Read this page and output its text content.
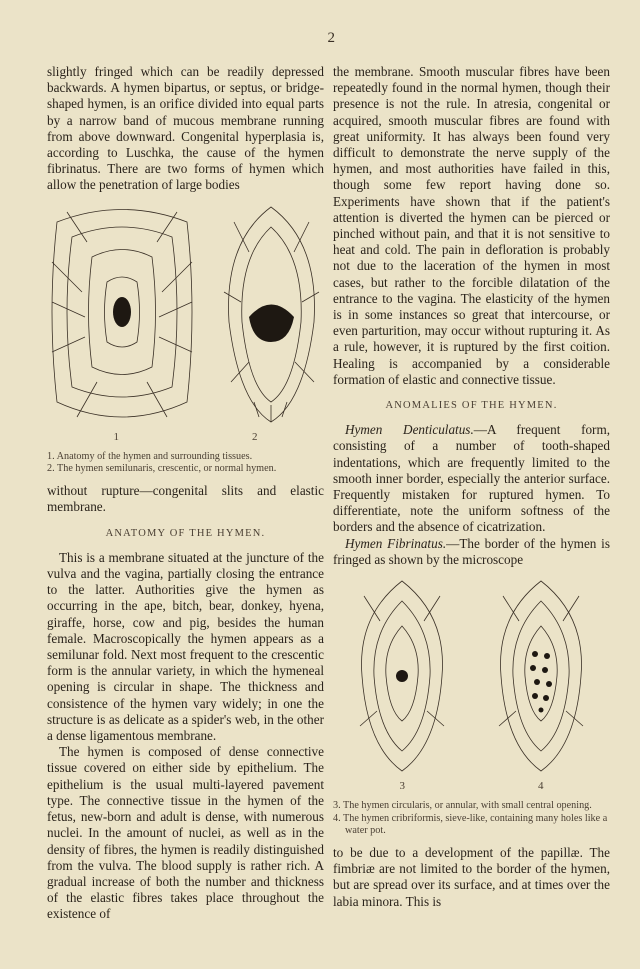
2

slightly fringed which can be readily depressed backwards. A hymen bipartus, or septus, or bridge-shaped hymen, is an orifice divided into equal parts by a narrow band of mucous membrane running from above downward. Congenital hyperplasia is, according to Luschka, the cause of the hymen fibrinatus. There are two forms of hymen which allow the penetration of large bodies

1	2
1. Anatomy of the hymen and surrounding tissues.
2. The hymen semilunaris, crescentic, or normal hymen.

without rupture—congenital slits and elastic membrane.

ANATOMY OF THE HYMEN.

This is a membrane situated at the juncture of the vulva and the vagina, partially closing the entrance to the latter. Authorities give the hymen as occurring in the ape, bitch, bear, donkey, hyena, giraffe, horse, cow and pig, besides the human female. Macroscopically the hymen appears as a semilunar fold. Next most frequent to the crescentic form is the annular variety, in which the hymeneal opening is circular in shape. The thickness and consistence of the hymen vary widely; in one the structure is as delicate as a spider's web, in the other a dense ligamentous membrane.

The hymen is composed of dense connective tissue covered on either side by epithelium. The epithelium is the usual multi-layered pavement type. The connective tissue in the hymen of the fetus, new-born and adult is dense, with numerous nuclei. In the amount of nuclei, as well as in the density of fibres, the hymen is readily distinguished from the vulva. The blood supply is rather rich. A gradual increase of both the number and thickness of the elastic fibres takes place throughout the existence of

the membrane. Smooth muscular fibres have been repeatedly found in the normal hymen, though their presence is not the rule. In atresia, congenital or acquired, smooth muscular fibres are found with great uniformity. It has always been found very difficult to demonstrate the nerve supply of the hymen, and most authorities have failed in this, though some few report having done so. Experiments have shown that if the patient's attention is diverted the hymen can be pierced or pinched without pain, and that it is not sensitive to heat and cold. The pain in defloration is probably not due to the laceration of the hymen in most cases, but rather to the forcible dilatation of the entrance to the vagina. The elasticity of the hymen is in some instances so great that intercourse, or even parturition, may occur without rupturing it. As a rule, however, it is ruptured by the first coition. Healing is accompanied by a considerable formation of elastic and connective tissue.

ANOMALIES OF THE HYMEN.

Hymen Denticulatus.—A frequent form, consisting of a number of tooth-shaped indentations, which are frequently limited to the smooth inner border, especially the anterior surface. Frequently mistaken for ruptured hymen. To differentiate, note the uniform softness of the borders and the absence of cicatrization.

Hymen Fibrinatus.—The border of the hymen is fringed as shown by the microscope

3	4
3. The hymen circularis, or annular, with small central opening.
4. The hymen cribriformis, sieve-like, containing many holes like a water pot.

to be due to a development of the papillæ. The fimbriæ are not limited to the border of the hymen, but are spread over its surface, and at times over the labia minora. This is
